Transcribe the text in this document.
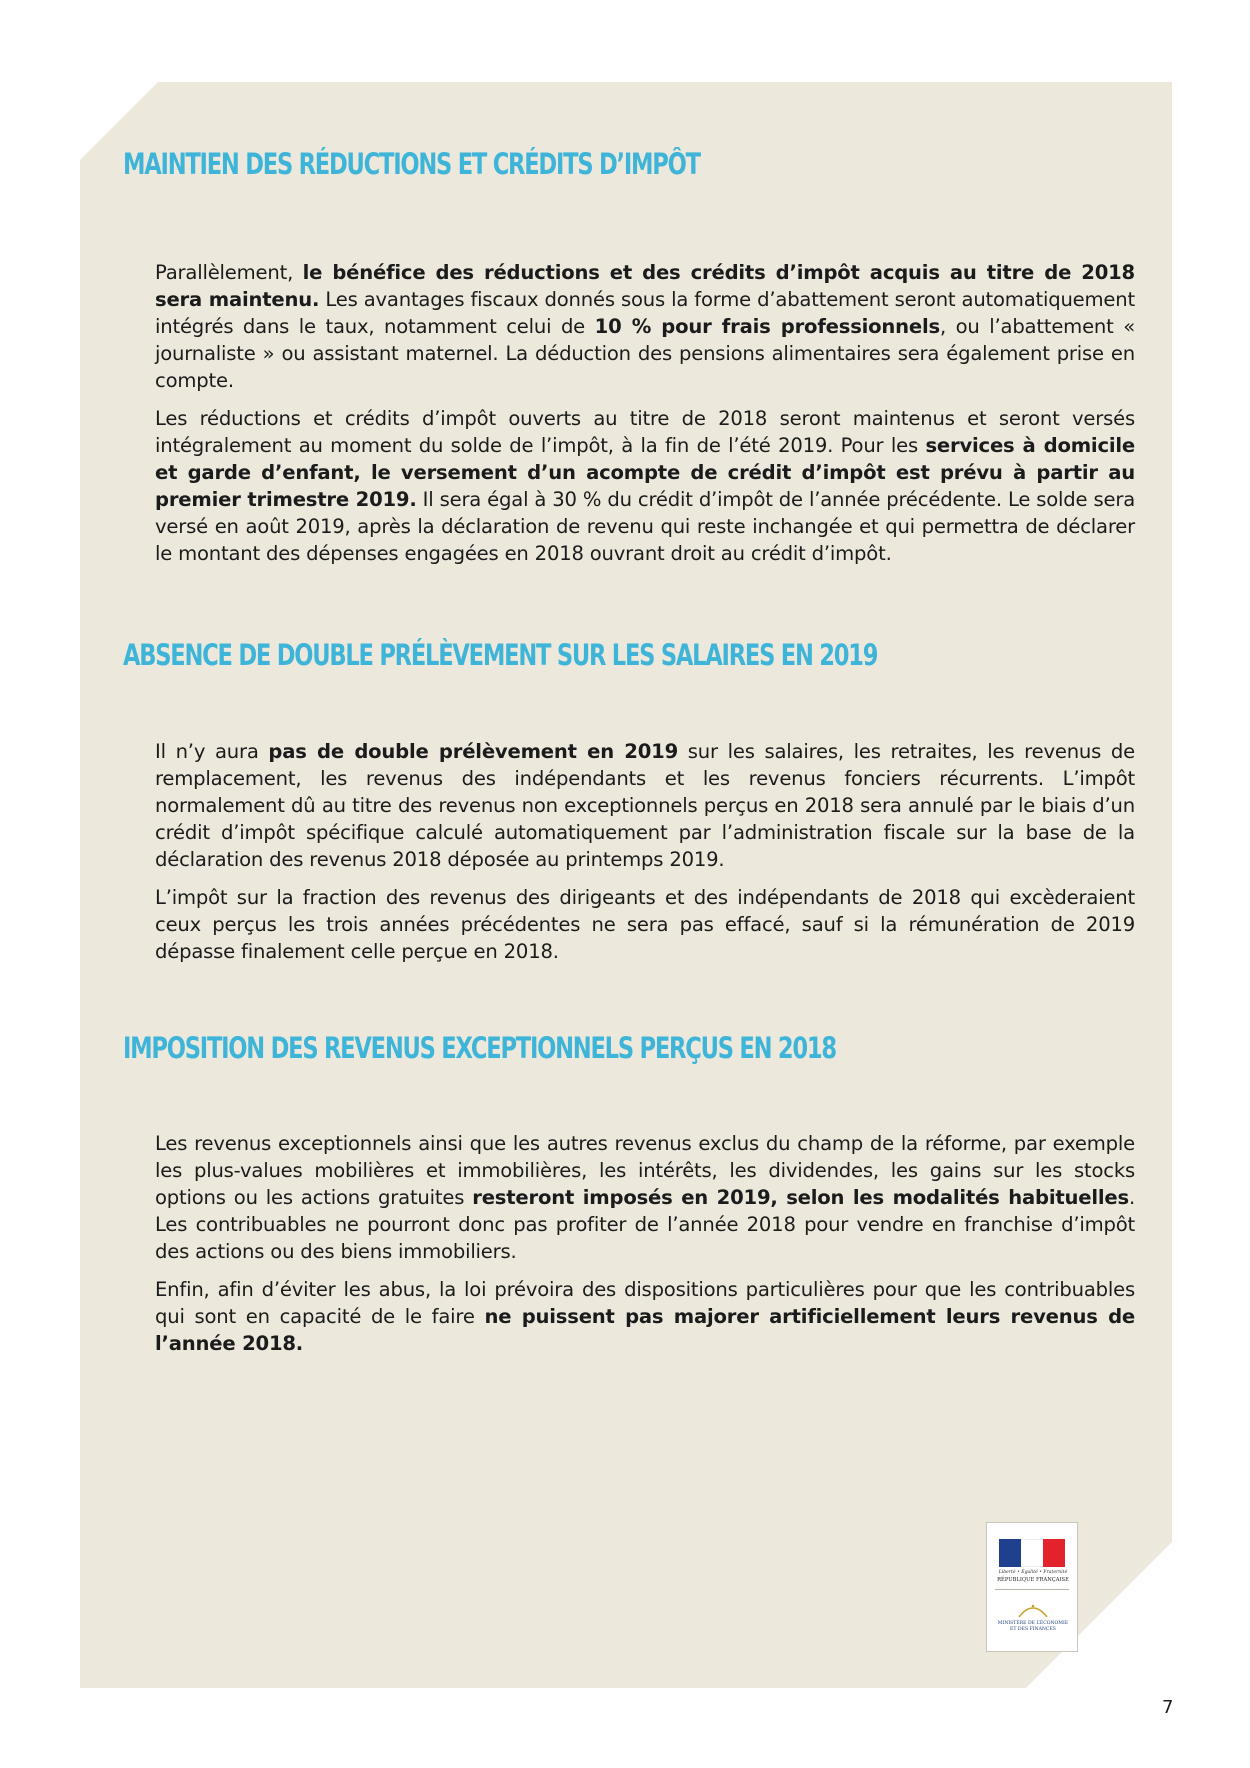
MAINTIEN DES RÉDUCTIONS ET CRÉDITS D’IMPÔT

Parallèlement, le bénéfice des réductions et des crédits d’impôt acquis au titre de 2018 sera maintenu. Les avantages fiscaux donnés sous la forme d’abattement seront automatiquement intégrés dans le taux, notamment celui de 10 % pour frais professionnels, ou l’abattement « journaliste » ou assistant maternel. La déduction des pensions alimentaires sera également prise en compte.

Les réductions et crédits d’impôt ouverts au titre de 2018 seront maintenus et seront versés intégralement au moment du solde de l’impôt, à la fin de l’été 2019. Pour les services à domicile et garde d’enfant, le versement d’un acompte de crédit d’impôt est prévu à partir au premier trimestre 2019. Il sera égal à 30 % du crédit d’impôt de l’année précédente. Le solde sera versé en août 2019, après la déclaration de revenu qui reste inchangée et qui permettra de déclarer le montant des dépenses engagées en 2018 ouvrant droit au crédit d’impôt.

ABSENCE DE DOUBLE PRÉLÈVEMENT SUR LES SALAIRES EN 2019

Il n’y aura pas de double prélèvement en 2019 sur les salaires, les retraites, les revenus de remplacement, les revenus des indépendants et les revenus fonciers récurrents. L’impôt normalement dû au titre des revenus non exceptionnels perçus en 2018 sera annulé par le biais d’un crédit d’impôt spécifique calculé automatiquement par l’administration fiscale sur la base de la déclaration des revenus 2018 déposée au printemps 2019.

L’impôt sur la fraction des revenus des dirigeants et des indépendants de 2018 qui excèderaient ceux perçus les trois années précédentes ne sera pas effacé, sauf si la rémunération de 2019 dépasse finalement celle perçue en 2018.

IMPOSITION DES REVENUS EXCEPTIONNELS PERÇUS EN 2018

Les revenus exceptionnels ainsi que les autres revenus exclus du champ de la réforme, par exemple les plus-values mobilières et immobilières, les intérêts, les dividendes, les gains sur les stocks options ou les actions gratuites resteront imposés en 2019, selon les modalités habituelles. Les contribuables ne pourront donc pas profiter de l’année 2018 pour vendre en franchise d’impôt des actions ou des biens immobiliers.

Enfin, afin d’éviter les abus, la loi prévoira des dispositions particulières pour que les contribuables qui sont en capacité de le faire ne puissent pas majorer artificiellement leurs revenus de l’année 2018.

Liberté • Égalité • Fraternité
RÉPUBLIQUE FRANÇAISE
MINISTÈRE DE L’ÉCONOMIE
ET DES FINANCES
7
